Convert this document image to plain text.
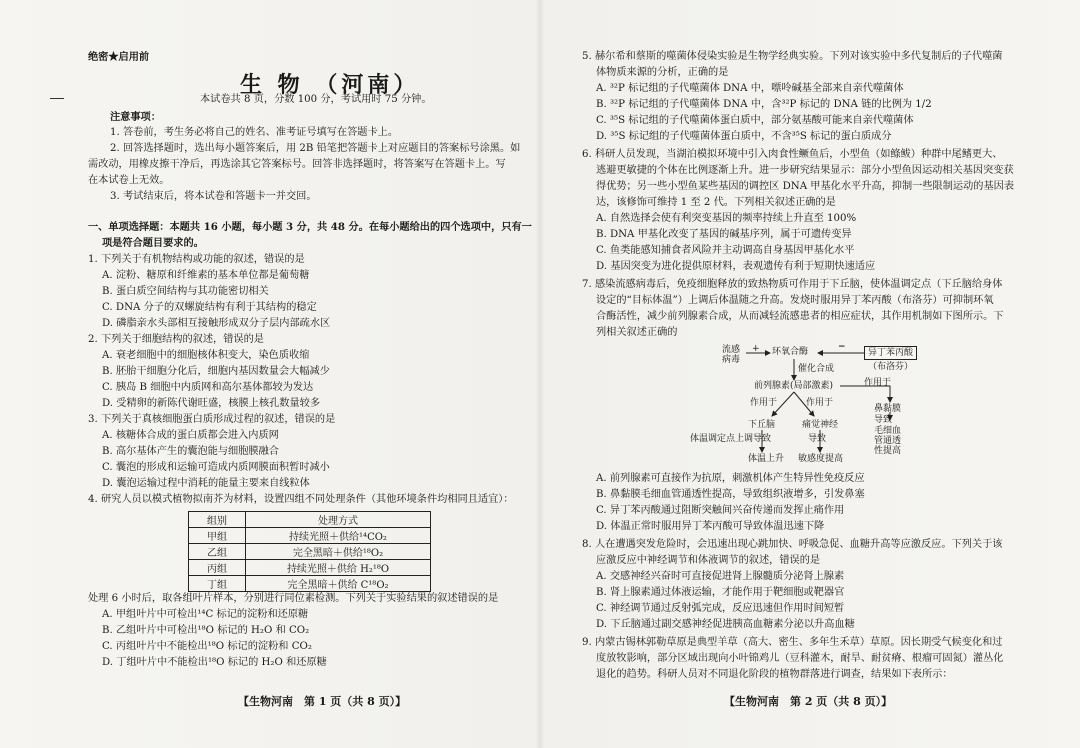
绝密★启用前
生 物 （河南）
本试卷共 8 页，分数 100 分，考试用时 75 分钟。
注意事项：
1. 答卷前，考生务必将自己的姓名、准考证号填写在答题卡上。
2. 回答选择题时，选出每小题答案后，用 2B 铅笔把答题卡上对应题目的答案标号涂黑。如
需改动，用橡皮擦干净后，再选涂其它答案标号。回答非选择题时，将答案写在答题卡上。写
在本试卷上无效。
3. 考试结束后，将本试卷和答题卡一并交回。
一、单项选择题：本题共 16 小题，每小题 3 分，共 48 分。在每小题给出的四个选项中，只有一
项是符合题目要求的。
1. 下列关于有机物结构或功能的叙述，错误的是
A. 淀粉、糖原和纤维素的基本单位都是葡萄糖
B. 蛋白质空间结构与其功能密切相关
C. DNA 分子的双螺旋结构有利于其结构的稳定
D. 磷脂亲水头部相互接触形成双分子层内部疏水区
2. 下列关于细胞结构的叙述，错误的是
A. 衰老细胞中的细胞核体积变大，染色质收缩
B. 胚胎干细胞分化后，细胞内基因数量会大幅减少
C. 胰岛 B 细胞中内质网和高尔基体都较为发达
D. 受精卵的新陈代谢旺盛，核膜上核孔数量较多
3. 下列关于真核细胞蛋白质形成过程的叙述，错误的是
A. 核糖体合成的蛋白质都会进入内质网
B. 高尔基体产生的囊泡能与细胞膜融合
C. 囊泡的形成和运输可造成内质网膜面积暂时减小
D. 囊泡运输过程中消耗的能量主要来自线粒体
4. 研究人员以模式植物拟南芥为材料，设置四组不同处理条件（其他环境条件均相同且适宜）：
组别	处理方式
甲组	持续光照＋供给¹⁴CO₂
乙组	完全黑暗＋供给¹⁸O₂
丙组	持续光照＋供给 H₂¹⁸O
丁组	完全黑暗＋供给 C¹⁸O₂
处理 6 小时后，取各组叶片样本，分别进行同位素检测。下列关于实验结果的叙述错误的是
A. 甲组叶片中可检出¹⁴C 标记的淀粉和还原糖
B. 乙组叶片中可检出¹⁸O 标记的 H₂O 和 CO₂
C. 丙组叶片中不能检出¹⁸O 标记的淀粉和 CO₂
D. 丁组叶片中不能检出¹⁸O 标记的 H₂O 和还原糖
【生物河南　第 1 页（共 8 页）】
5. 赫尔希和蔡斯的噬菌体侵染实验是生物学经典实验。下列对该实验中多代复制后的子代噬菌
体物质来源的分析，正确的是
A. ³²P 标记组的子代噬菌体 DNA 中，嘌呤碱基全部来自亲代噬菌体
B. ³²P 标记组的子代噬菌体 DNA 中，含³²P 标记的 DNA 链的比例为 1/2
C. ³⁵S 标记组的子代噬菌体蛋白质中，部分氨基酸可能来自亲代噬菌体
D. ³⁵S 标记组的子代噬菌体蛋白质中，不含³⁵S 标记的蛋白质成分
6. 科研人员发现，当湖泊模拟环境中引入肉食性鳜鱼后，小型鱼（如鲦鲅）种群中尾鳍更大、
逃避更敏捷的个体在比例逐渐上升。进一步研究结果显示：部分小型鱼因运动相关基因突变获
得优势；另一些小型鱼某些基因的调控区 DNA 甲基化水平升高，抑制一些限制运动的基因表
达，该修饰可维持 1 至 2 代。下列相关叙述正确的是
A. 自然选择会使有利突变基因的频率持续上升直至 100%
B. DNA 甲基化改变了基因的碱基序列，属于可遗传变异
C. 鱼类能感知捕食者风险并主动调高自身基因甲基化水平
D. 基因突变为进化提供原材料，表观遗传有利于短期快速适应
7. 感染流感病毒后，免疫细胞释放的致热物质可作用于下丘脑，使体温调定点（下丘脑给身体
设定的“目标体温”）上调后体温随之升高。发烧时服用异丁苯丙酸（布洛芬）可抑制环氧
合酶活性，减少前列腺素合成，从而减轻流感患者的相应症状，其作用机制如下图所示。下
列相关叙述正确的
流感
病毒
+ 环氧合酶	−
异丁苯丙酸
（布洛芬）
催化合成
前列腺素(局部激素)	作用于
作用于	作用于
鼻黏膜
导致
毛细血
管通透
性提高
下丘脑	痛觉神经
体温调定点上调导致	导致
体温上升 敏感度提高
A. 前列腺素可直接作为抗原，刺激机体产生特异性免疫反应
B. 鼻黏膜毛细血管通透性提高，导致组织液增多，引发鼻塞
C. 异丁苯丙酸通过阻断突触间兴奋传递而发挥止痛作用
D. 体温正常时服用异丁苯丙酸可导致体温迅速下降
8. 人在遭遇突发危险时，会迅速出现心跳加快、呼吸急促、血糖升高等应激反应。下列关于该
应激反应中神经调节和体液调节的叙述，错误的是
A. 交感神经兴奋时可直接促进肾上腺髓质分泌肾上腺素
B. 肾上腺素通过体液运输，才能作用于靶细胞或靶器官
C. 神经调节通过反射弧完成，反应迅速但作用时间短暂
D. 下丘脑通过副交感神经促进胰高血糖素分泌以升高血糖
9. 内蒙古锡林郭勒草原是典型羊草（高大、密生、多年生禾草）草原。因长期受气候变化和过
度放牧影响，部分区域出现向小叶锦鸡儿（豆科灌木，耐旱、耐贫瘠、根瘤可固氮）灌丛化
退化的趋势。科研人员对不同退化阶段的植物群落进行调查，结果如下表所示：
【生物河南　第 2 页（共 8 页）】
